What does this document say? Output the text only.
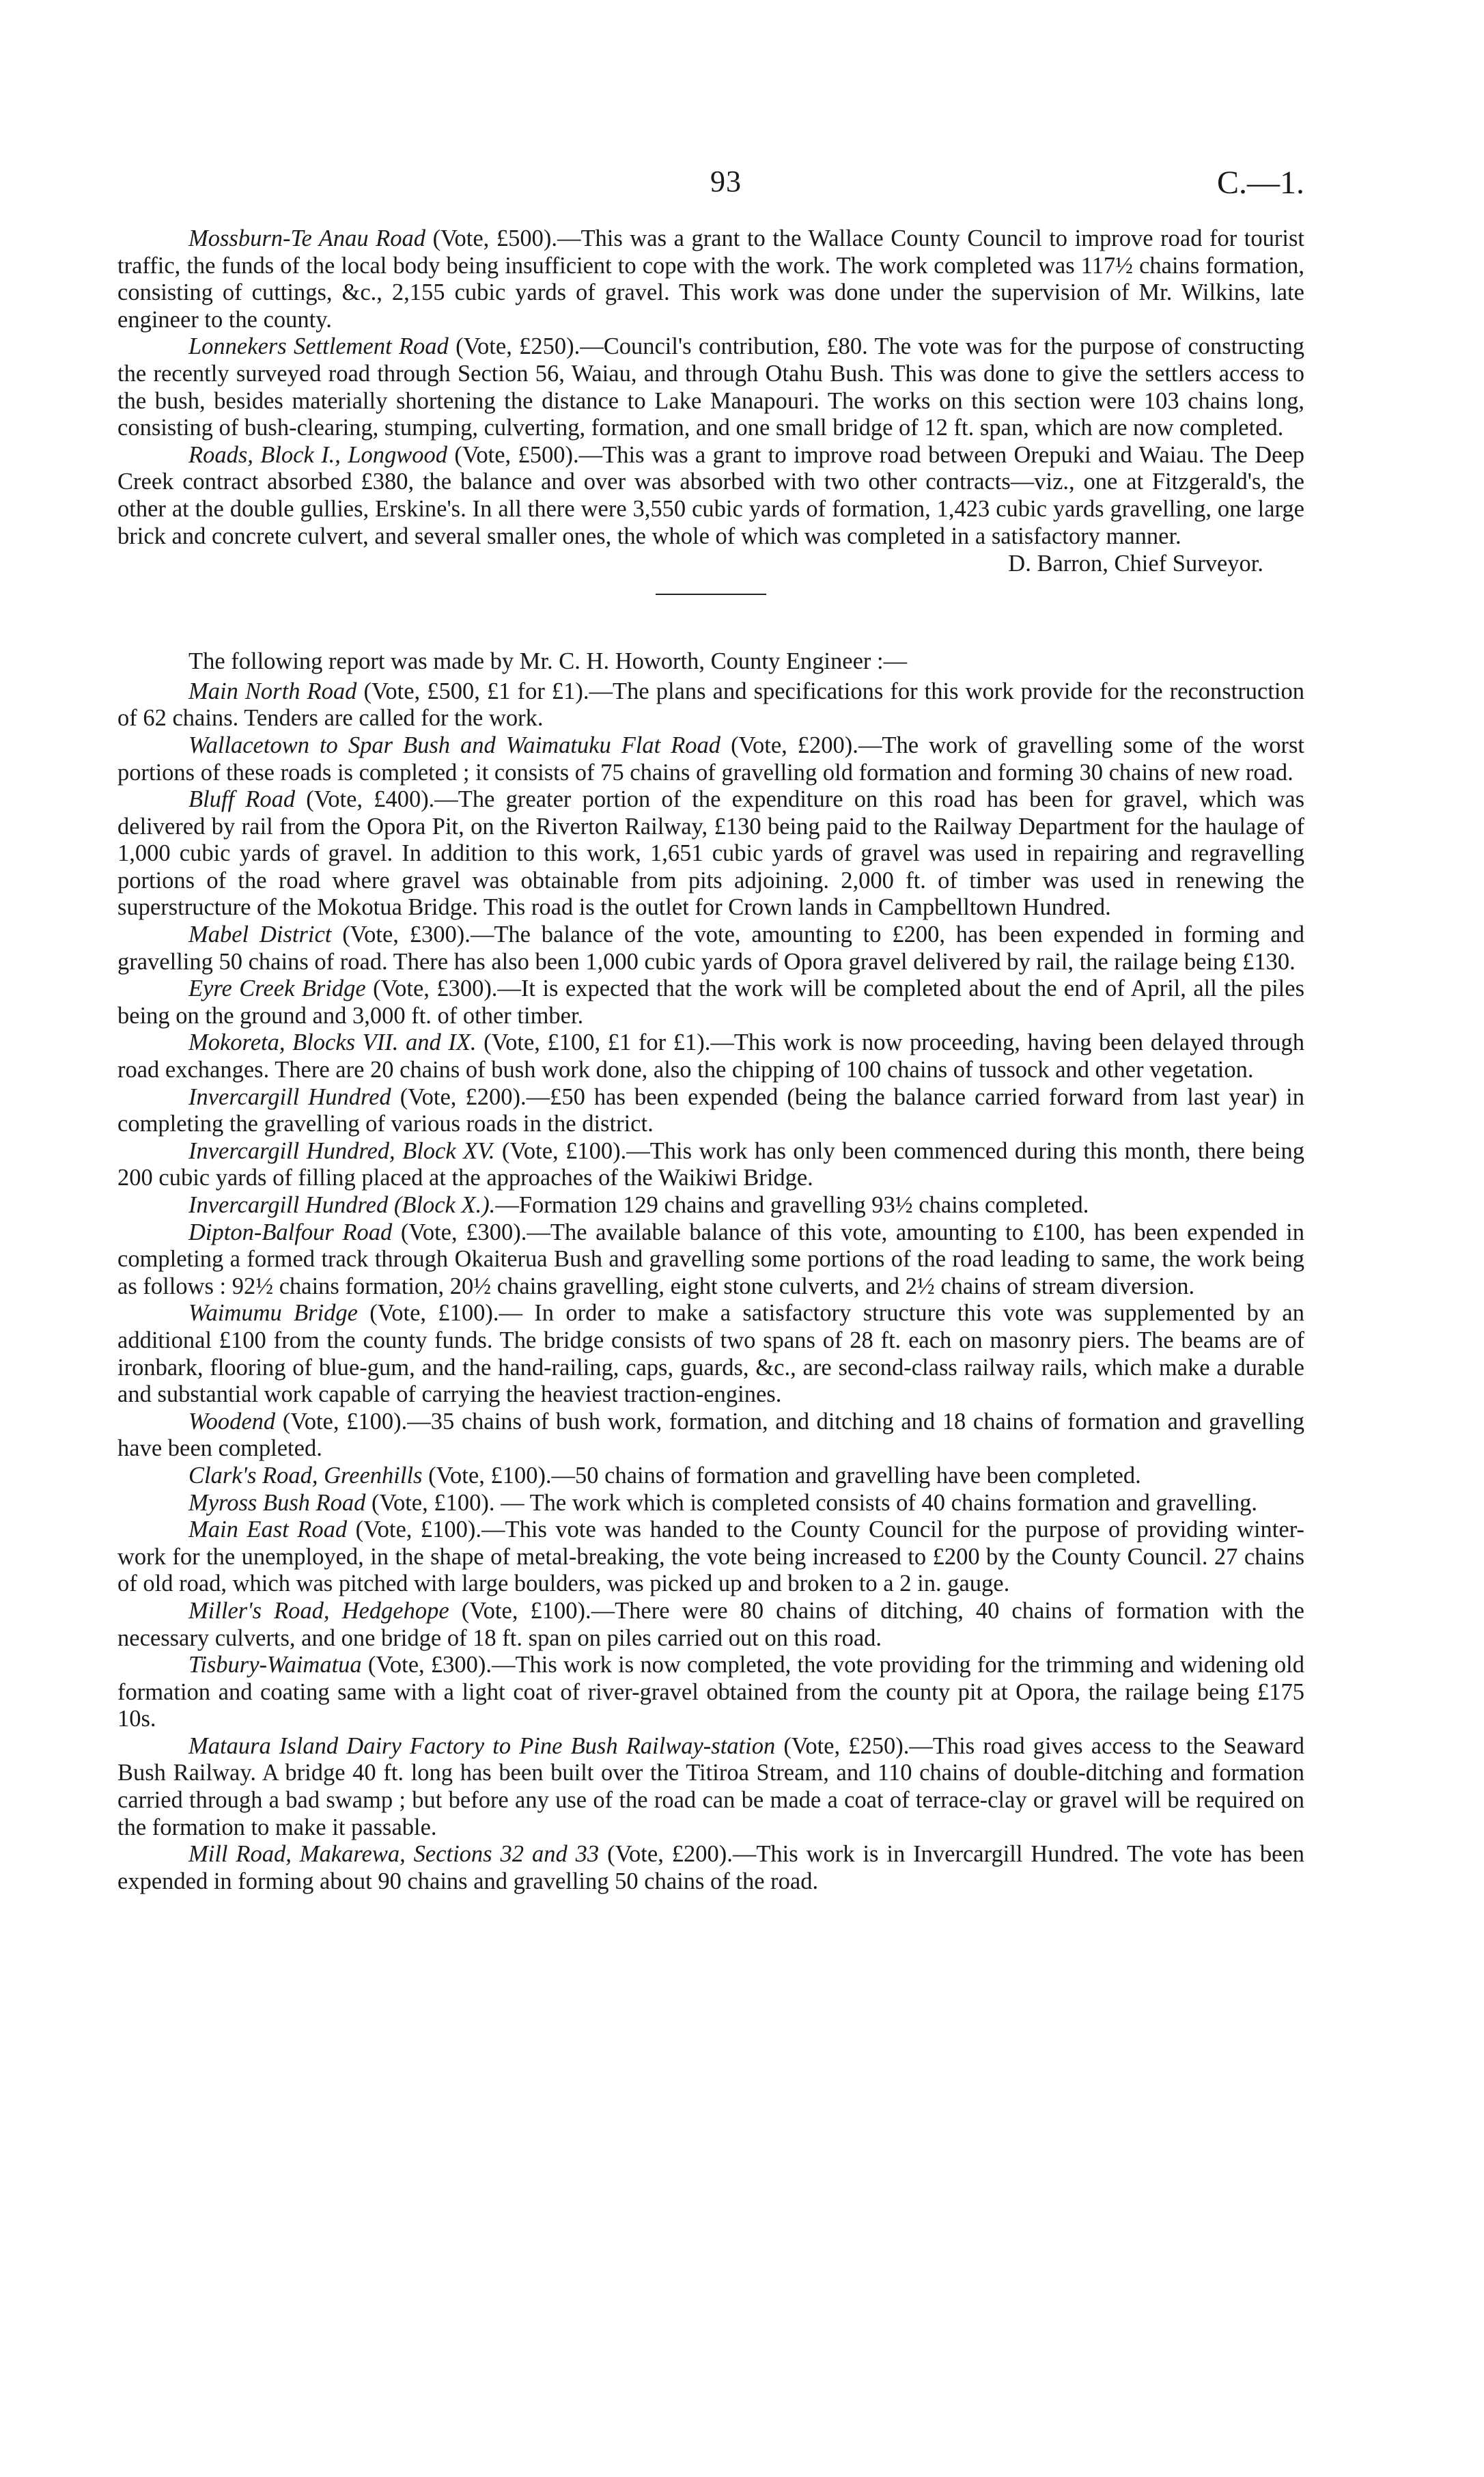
93	C.—1.

Mossburn-Te Anau Road (Vote, £500).—This was a grant to the Wallace County Council to improve road for tourist traffic, the funds of the local body being insufficient to cope with the work. The work completed was 117½ chains formation, consisting of cuttings, &c., 2,155 cubic yards of gravel. This work was done under the supervision of Mr. Wilkins, late engineer to the county.

Lonnekers Settlement Road (Vote, £250).—Council's contribution, £80. The vote was for the purpose of constructing the recently surveyed road through Section 56, Waiau, and through Otahu Bush. This was done to give the settlers access to the bush, besides materially shortening the distance to Lake Manapouri. The works on this section were 103 chains long, consisting of bush-clearing, stumping, culverting, formation, and one small bridge of 12 ft. span, which are now completed.

Roads, Block I., Longwood (Vote, £500).—This was a grant to improve road between Orepuki and Waiau. The Deep Creek contract absorbed £380, the balance and over was absorbed with two other contracts—viz., one at Fitzgerald's, the other at the double gullies, Erskine's. In all there were 3,550 cubic yards of formation, 1,423 cubic yards gravelling, one large brick and concrete culvert, and several smaller ones, the whole of which was completed in a satisfactory manner.

D. Barron, Chief Surveyor.

The following report was made by Mr. C. H. Howorth, County Engineer :—

Main North Road (Vote, £500, £1 for £1).—The plans and specifications for this work provide for the reconstruction of 62 chains. Tenders are called for the work.

Wallacetown to Spar Bush and Waimatuku Flat Road (Vote, £200).—The work of gravelling some of the worst portions of these roads is completed ; it consists of 75 chains of gravelling old formation and forming 30 chains of new road.

Bluff Road (Vote, £400).—The greater portion of the expenditure on this road has been for gravel, which was delivered by rail from the Opora Pit, on the Riverton Railway, £130 being paid to the Railway Department for the haulage of 1,000 cubic yards of gravel. In addition to this work, 1,651 cubic yards of gravel was used in repairing and regravelling portions of the road where gravel was obtainable from pits adjoining. 2,000 ft. of timber was used in renewing the superstructure of the Mokotua Bridge. This road is the outlet for Crown lands in Campbelltown Hundred.

Mabel District (Vote, £300).—The balance of the vote, amounting to £200, has been expended in forming and gravelling 50 chains of road. There has also been 1,000 cubic yards of Opora gravel delivered by rail, the railage being £130.

Eyre Creek Bridge (Vote, £300).—It is expected that the work will be completed about the end of April, all the piles being on the ground and 3,000 ft. of other timber.

Mokoreta, Blocks VII. and IX. (Vote, £100, £1 for £1).—This work is now proceeding, having been delayed through road exchanges. There are 20 chains of bush work done, also the chipping of 100 chains of tussock and other vegetation.

Invercargill Hundred (Vote, £200).—£50 has been expended (being the balance carried forward from last year) in completing the gravelling of various roads in the district.

Invercargill Hundred, Block XV. (Vote, £100).—This work has only been commenced during this month, there being 200 cubic yards of filling placed at the approaches of the Waikiwi Bridge.

Invercargill Hundred (Block X.).—Formation 129 chains and gravelling 93½ chains completed.

Dipton-Balfour Road (Vote, £300).—The available balance of this vote, amounting to £100, has been expended in completing a formed track through Okaiterua Bush and gravelling some portions of the road leading to same, the work being as follows : 92½ chains formation, 20½ chains gravelling, eight stone culverts, and 2½ chains of stream diversion.

Waimumu Bridge (Vote, £100).— In order to make a satisfactory structure this vote was supplemented by an additional £100 from the county funds. The bridge consists of two spans of 28 ft. each on masonry piers. The beams are of ironbark, flooring of blue-gum, and the hand-railing, caps, guards, &c., are second-class railway rails, which make a durable and substantial work capable of carrying the heaviest traction-engines.

Woodend (Vote, £100).—35 chains of bush work, formation, and ditching and 18 chains of formation and gravelling have been completed.

Clark's Road, Greenhills (Vote, £100).—50 chains of formation and gravelling have been completed.

Myross Bush Road (Vote, £100). — The work which is completed consists of 40 chains formation and gravelling.

Main East Road (Vote, £100).—This vote was handed to the County Council for the purpose of providing winter-work for the unemployed, in the shape of metal-breaking, the vote being increased to £200 by the County Council. 27 chains of old road, which was pitched with large boulders, was picked up and broken to a 2 in. gauge.

Miller's Road, Hedgehope (Vote, £100).—There were 80 chains of ditching, 40 chains of formation with the necessary culverts, and one bridge of 18 ft. span on piles carried out on this road.

Tisbury-Waimatua (Vote, £300).—This work is now completed, the vote providing for the trimming and widening old formation and coating same with a light coat of river-gravel obtained from the county pit at Opora, the railage being £175 10s.

Mataura Island Dairy Factory to Pine Bush Railway-station (Vote, £250).—This road gives access to the Seaward Bush Railway. A bridge 40 ft. long has been built over the Titiroa Stream, and 110 chains of double-ditching and formation carried through a bad swamp ; but before any use of the road can be made a coat of terrace-clay or gravel will be required on the formation to make it passable.

Mill Road, Makarewa, Sections 32 and 33 (Vote, £200).—This work is in Invercargill Hundred. The vote has been expended in forming about 90 chains and gravelling 50 chains of the road.
